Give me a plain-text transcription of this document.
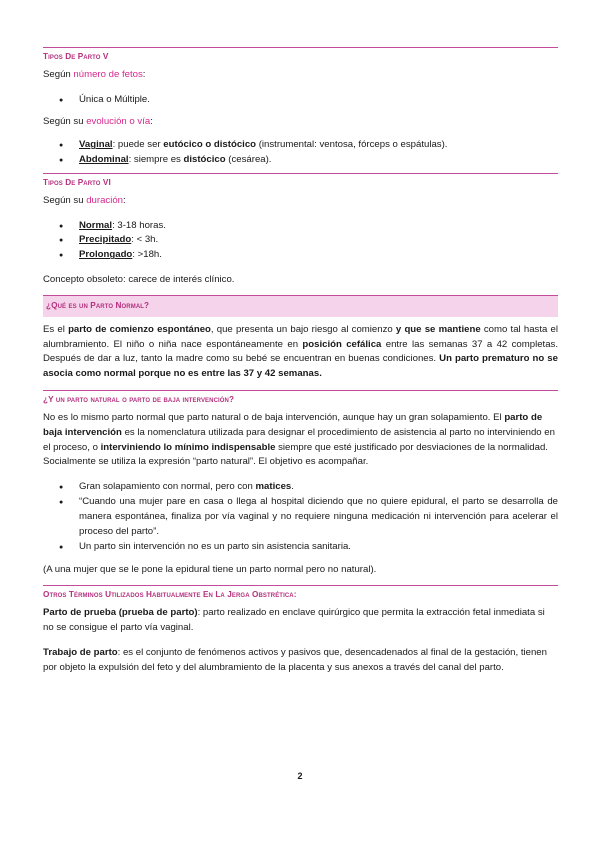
Tipos De Parto V

Según número de fetos:

● Única o Múltiple.

Según su evolución o vía:

● Vaginal: puede ser eutócico o distócico (instrumental: ventosa, fórceps o espátulas).
● Abdominal: siempre es distócico (cesárea).
Tipos De Parto VI

Según su duración:

● Normal: 3-18 horas.
● Precipitado: < 3h.
● Prolongado: >18h.

Concepto obsoleto: carece de interés clínico.

¿Qué es un Parto Normal?

Es el parto de comienzo espontáneo, que presenta un bajo riesgo al comienzo y que se mantiene como tal hasta el alumbramiento. El niño o niña nace espontáneamente en posición cefálica entre las semanas 37 a 42 completas. Después de dar a luz, tanto la madre como su bebé se encuentran en buenas condiciones. Un parto prematuro no se asocia como normal porque no es entre las 37 y 42 semanas.

¿Y un parto natural o parto de baja intervención?

No es lo mismo parto normal que parto natural o de baja intervención, aunque hay un gran solapamiento. El parto de baja intervención es la nomenclatura utilizada para designar el procedimiento de asistencia al parto no interviniendo en el proceso, o interviniendo lo mínimo indispensable siempre que esté justificado por desviaciones de la normalidad. Socialmente se utiliza la expresión “parto natural”. El objetivo es acompañar.

● Gran solapamiento con normal, pero con matices.
● “Cuando una mujer pare en casa o llega al hospital diciendo que no quiere epidural, el parto se desarrolla de manera espontánea, finaliza por vía vaginal y no requiere ninguna medicación ni intervención para acelerar el proceso del parto”.
● Un parto sin intervención no es un parto sin asistencia sanitaria.

(A una mujer que se le pone la epidural tiene un parto normal pero no natural).

Otros Términos Utilizados Habitualmente En La Jerga Obstrética:

Parto de prueba (prueba de parto): parto realizado en enclave quirúrgico que permita la extracción fetal inmediata si no se consigue el parto vía vaginal.

Trabajo de parto: es el conjunto de fenómenos activos y pasivos que, desencadenados al final de la gestación, tienen por objeto la expulsión del feto y del alumbramiento de la placenta y sus anexos a través del canal del parto.

2
